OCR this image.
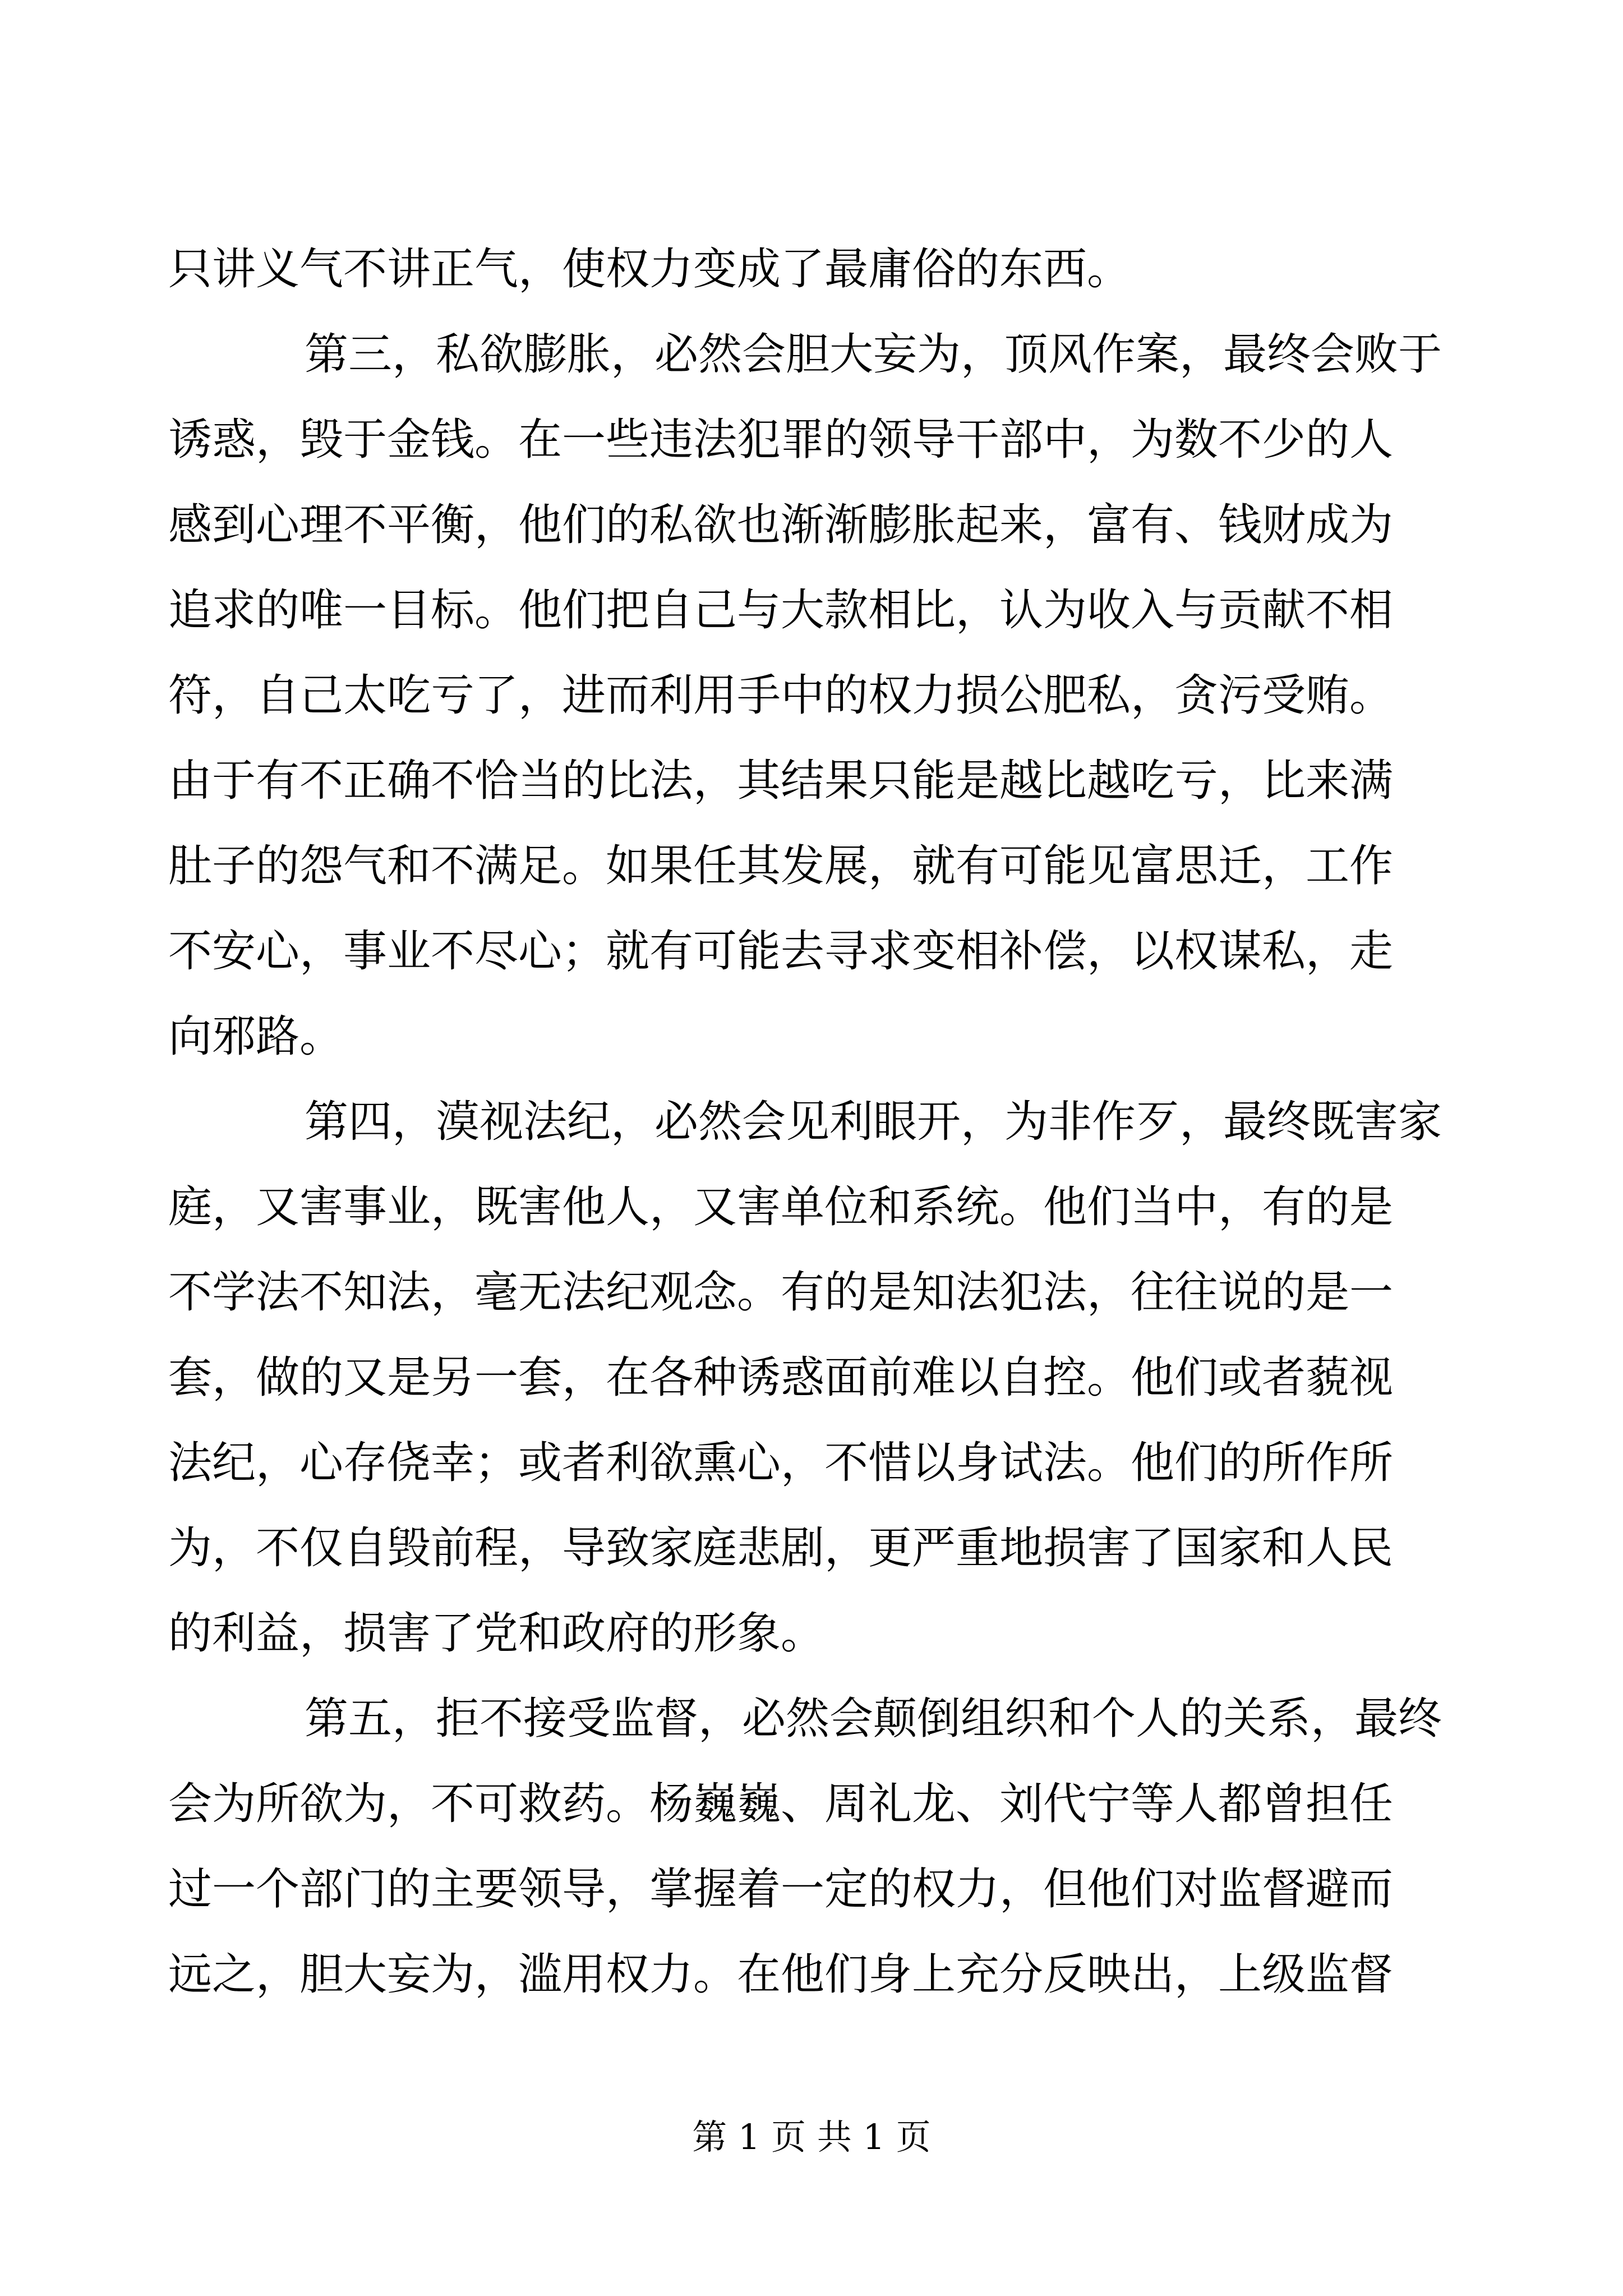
只讲义气不讲正气，使权力变成了最庸俗的东西。
第三，私欲膨胀，必然会胆大妄为，顶风作案，最终会败于
诱惑，毁于金钱。在一些违法犯罪的领导干部中，为数不少的人
感到心理不平衡，他们的私欲也渐渐膨胀起来，富有、钱财成为
追求的唯一目标。他们把自己与大款相比，认为收入与贡献不相
符，自己太吃亏了，进而利用手中的权力损公肥私，贪污受贿。
由于有不正确不恰当的比法，其结果只能是越比越吃亏，比来满
肚子的怨气和不满足。如果任其发展，就有可能见富思迁，工作
不安心，事业不尽心；就有可能去寻求变相补偿，以权谋私，走
向邪路。
第四，漠视法纪，必然会见利眼开，为非作歹，最终既害家
庭，又害事业，既害他人，又害单位和系统。他们当中，有的是
不学法不知法，毫无法纪观念。有的是知法犯法，往往说的是一
套，做的又是另一套，在各种诱惑面前难以自控。他们或者藐视
法纪，心存侥幸；或者利欲熏心，不惜以身试法。他们的所作所
为，不仅自毁前程，导致家庭悲剧，更严重地损害了国家和人民
的利益，损害了党和政府的形象。
第五，拒不接受监督，必然会颠倒组织和个人的关系，最终
会为所欲为，不可救药。杨巍巍、周礼龙、刘代宁等人都曾担任
过一个部门的主要领导，掌握着一定的权力，但他们对监督避而
远之，胆大妄为，滥用权力。在他们身上充分反映出，上级监督
第 1 页 共 1 页
